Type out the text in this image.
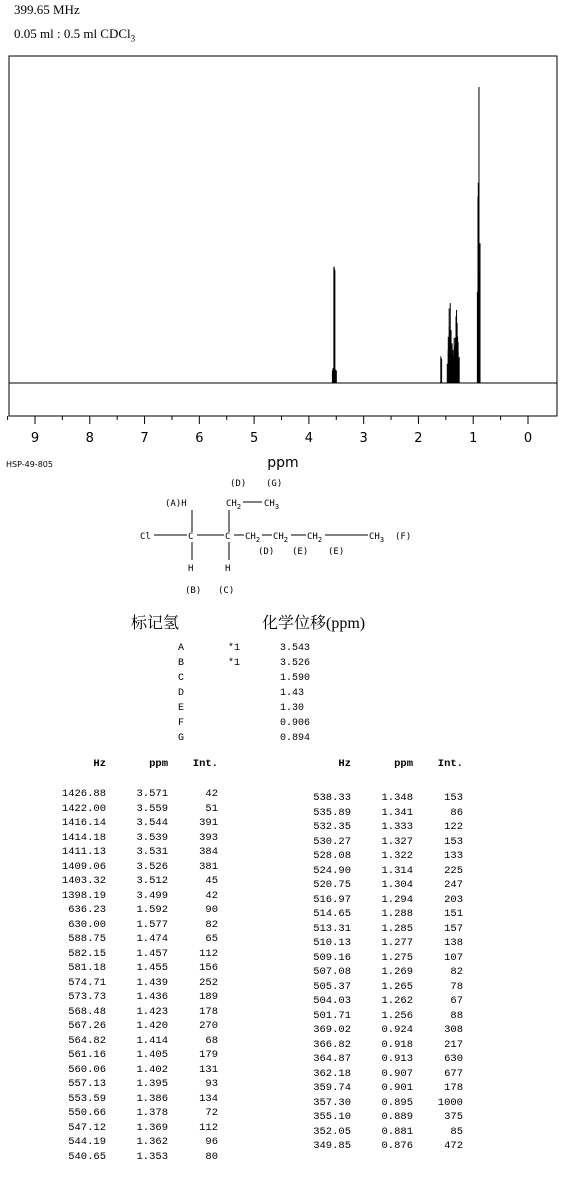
399.65 MHz
0.05 ml : 0.5 ml CDCl$_3$
9	8	7	6	5	4	3	2	1	0
ppm
HSP-49-805
(D) (G)
(A)H	$CH_2$	$CH_3$
Cl	C	C $CH_2$ $CH_2$ $CH_2$	$CH_3$ (F)
(D) (E) (E)
H	H
(B) (C)
标记氢	化学位移(ppm)
A	*1	3.543
B	*1	3.526
C	1.590
D	1.43
E	1.30
F	0.906
G	0.894
Hz	ppm	Int.
1426.88	3.571	42
1422.00	3.559	51
1416.14	3.544	391
1414.18	3.539	393
1411.13	3.531	384
1409.06	3.526	381
1403.32	3.512	45
1398.19	3.499	42
636.23	1.592	90
630.00	1.577	82
588.75	1.474	65
582.15	1.457	112
581.18	1.455	156
574.71	1.439	252
573.73	1.436	189
568.48	1.423	178
567.26	1.420	270
564.82	1.414	68
561.16	1.405	179
560.06	1.402	131
557.13	1.395	93
553.59	1.386	134
550.66	1.378	72
547.12	1.369	112
544.19	1.362	96
540.65	1.353	80
Hz	ppm	Int.
538.33	1.348	153
535.89	1.341	86
532.35	1.333	122
530.27	1.327	153
528.08	1.322	133
524.90	1.314	225
520.75	1.304	247
516.97	1.294	203
514.65	1.288	151
513.31	1.285	157
510.13	1.277	138
509.16	1.275	107
507.08	1.269	82
505.37	1.265	78
504.03	1.262	67
501.71	1.256	88
369.02	0.924	308
366.82	0.918	217
364.87	0.913	630
362.18	0.907	677
359.74	0.901	178
357.30	0.895	1000
355.10	0.889	375
352.05	0.881	85
349.85	0.876	472
